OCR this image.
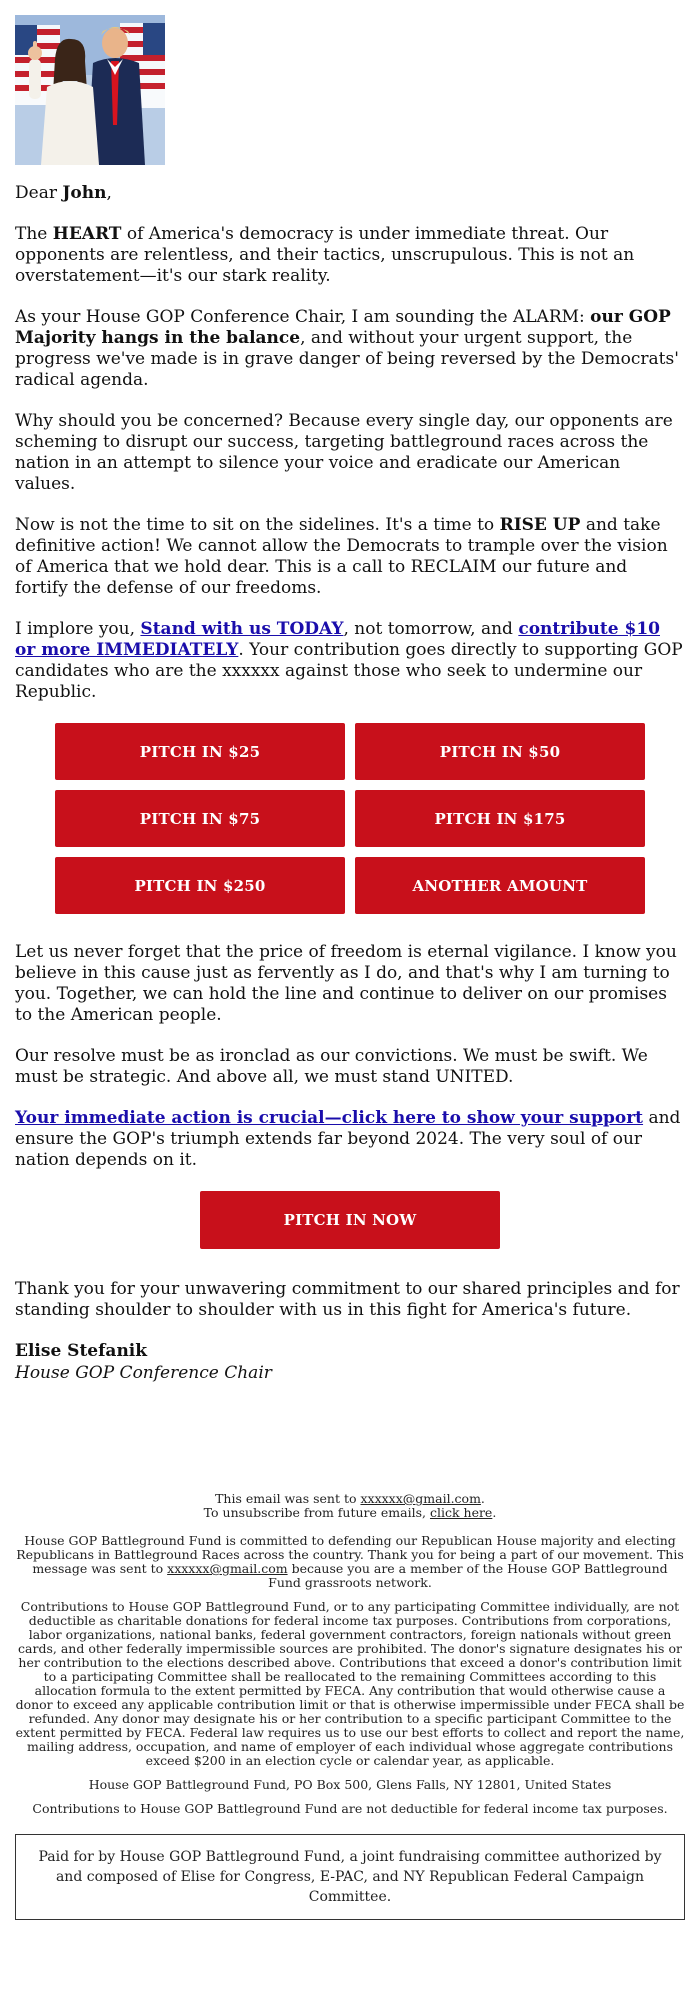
Dear John,

The HEART of America's democracy is under immediate threat. Our opponents are relentless, and their tactics, unscrupulous. This is not an overstatement—it's our stark reality.

As your House GOP Conference Chair, I am sounding the ALARM: our GOP Majority hangs in the balance, and without your urgent support, the progress we've made is in grave danger of being reversed by the Democrats' radical agenda.

Why should you be concerned? Because every single day, our opponents are scheming to disrupt our success, targeting battleground races across the nation in an attempt to silence your voice and eradicate our American values.

Now is not the time to sit on the sidelines. It's a time to RISE UP and take definitive action! We cannot allow the Democrats to trample over the vision of America that we hold dear. This is a call to RECLAIM our future and fortify the defense of our freedoms.

I implore you, Stand with us TODAY, not tomorrow, and contribute $10 or more IMMEDIATELY. Your contribution goes directly to supporting GOP candidates who are the xxxxxx against those who seek to undermine our Republic.

PITCH IN $25	PITCH IN $50
PITCH IN $75	PITCH IN $175
PITCH IN $250	ANOTHER AMOUNT

Let us never forget that the price of freedom is eternal vigilance. I know you believe in this cause just as fervently as I do, and that's why I am turning to you. Together, we can hold the line and continue to deliver on our promises to the American people.

Our resolve must be as ironclad as our convictions. We must be swift. We must be strategic. And above all, we must stand UNITED.

Your immediate action is crucial—click here to show your support and ensure the GOP's triumph extends far beyond 2024. The very soul of our nation depends on it.

PITCH IN NOW

Thank you for your unwavering commitment to our shared principles and for standing shoulder to shoulder with us in this fight for America's future.

Elise Stefanik

House GOP Conference Chair

This email was sent to xxxxxx@gmail.com.

To unsubscribe from future emails, click here.

House GOP Battleground Fund is committed to defending our Republican House majority and electing Republicans in Battleground Races across the country. Thank you for being a part of our movement. This message was sent to xxxxxx@gmail.com because you are a member of the House GOP Battleground Fund grassroots network.

Contributions to House GOP Battleground Fund, or to any participating Committee individually, are not deductible as charitable donations for federal income tax purposes. Contributions from corporations, labor organizations, national banks, federal government contractors, foreign nationals without green cards, and other federally impermissible sources are prohibited. The donor's signature designates his or her contribution to the elections described above. Contributions that exceed a donor's contribution limit to a participating Committee shall be reallocated to the remaining Committees according to this allocation formula to the extent permitted by FECA. Any contribution that would otherwise cause a donor to exceed any applicable contribution limit or that is otherwise impermissible under FECA shall be refunded. Any donor may designate his or her contribution to a specific participant Committee to the extent permitted by FECA. Federal law requires us to use our best efforts to collect and report the name, mailing address, occupation, and name of employer of each individual whose aggregate contributions exceed $200 in an election cycle or calendar year, as applicable.

House GOP Battleground Fund, PO Box 500, Glens Falls, NY 12801, United States

Contributions to House GOP Battleground Fund are not deductible for federal income tax purposes.

Paid for by House GOP Battleground Fund, a joint fundraising committee authorized by and composed of Elise for Congress, E-PAC, and NY Republican Federal Campaign Committee.
